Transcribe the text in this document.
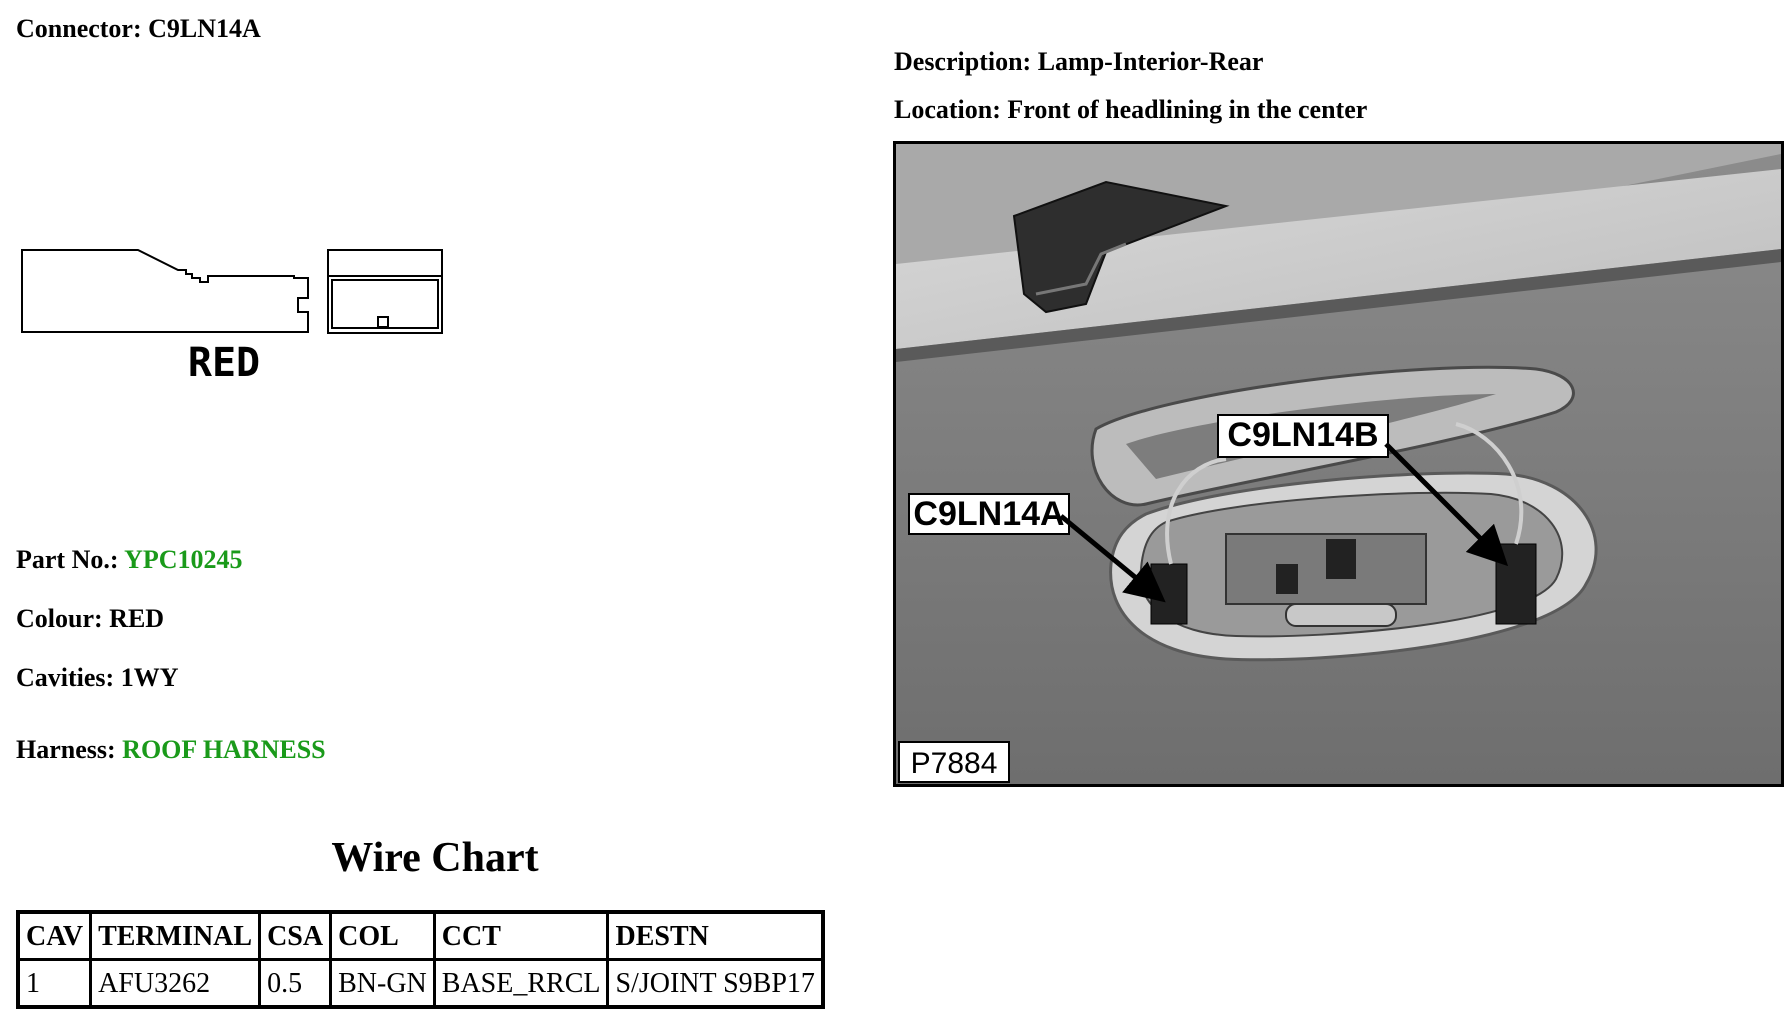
Connector: C9LN14A
Description: Lamp-Interior-Rear
Location: Front of headlining in the center
RED
Part No.: YPC10245
Colour: RED
Cavities: 1WY
Harness: ROOF HARNESS
C9LN14A
C9LN14B
P7884
Wire Chart
CAV	TERMINAL	CSA	COL	CCT	DESTN
1	AFU3262	0.5	BN-GN	BASE_RRCL	S/JOINT S9BP17
